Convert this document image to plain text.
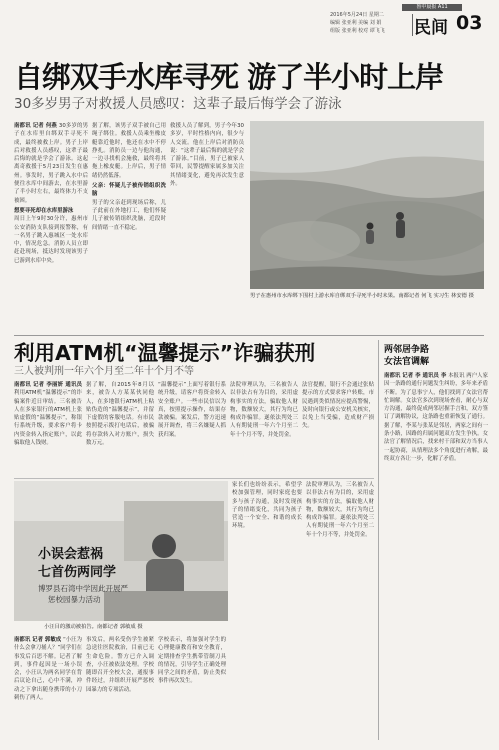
鲁中晨报 A11
2016年5月24日 星期二
编辑 张亚利 美编 刘 娟
组版 张亚利 校对 谭飞飞	民间 03
自绑双手水库寻死 游了半小时上岸
30多岁男子对救援人员感叹：这辈子最后悔学会了游泳
南都讯 记者 何燕 30多岁的男子在水库里自绑双手寻死不成，最终被救上岸。男子上岸后对救援人员感叹，这辈子最后悔的就是学会了游泳。这起离奇救援于5月23日发生在惠州。事发时，男子跳入水中后便往水库中间游去，在水里游了半小时左右，最终体力不支被困。
想要寻死却在水库里游泳
周日上午9时30分许，惠州市公安消防支队接到报警称，有一名男子跳入惠城区一处水库中，情况危急。消防人员立即赶赴现场，抵达时发现该男子已游到水库中央。
据了解，该男子双手被自己用绳子绑住。救援人员乘坐橡皮艇靠近他时，他还在水中不停挣扎。消防员一边与他沟通，一边寻找机会施救，最终将其拖上橡皮艇。上岸后，男子情绪仍然低落。
父亲：怀疑儿子被传销组织洗脑
男子的父亲赶到现场后称，儿子此前在外地打工，他们怀疑儿子被传销组织洗脑，近段时间情绪一直不稳定。
救援人员了解到，男子今年30多岁，平时性格内向，很少与人交流。他在上岸后对消防员说：“这辈子最后悔的就是学会了游泳。”目前，男子已被家人带回，民警提醒家属多加关注其情绪变化，避免再次发生意外。
男子在惠州市水库绑下围村上游水库自绑双手寻死半小时未果。南都记者 何飞 实习生 林安德 摄
两邻居争路
女法官调解
南都讯 记者 李 通讯员 李 本报讯 两户人家因一条路的通行问题发生纠纷，多年来矛盾不断。为了息事宁人，他们找到了女法官帮忙调解。女法官多次到现场查看，耐心与双方沟通，最终促成两邻居握手言和，双方签订了调解协议，这条路也重新恢复了通行。据了解，李某与张某是邻居，两家之间有一条小路，因路的归属问题双方发生争执。女法官了解情况后，找来村干部和双方当事人一起协商，从情理法多个角度进行劝解，最终双方各让一步，化解了矛盾。
利用ATM机“温馨提示”诈骗获刑
三人被判刑一年六个月至二年十个月不等
南都讯 记者 李丽妍 通讯员 利用ATM机“温馨提示”的诈骗案件近日审结。三名被告人在多家银行的ATM机上张贴虚假的“温馨提示”，称银行系统升级，要求客户将卡内资金转入指定账户，以此骗取他人钱财。
据了解，自2015年8月以来，被告人方某某伙同他人，在多地银行ATM机上粘贴伪造的“温馨提示”，并留下虚假的客服电话。有市民按照提示拨打电话后，被骗将存款转入对方账户，损失数万元。
“温馨提示”上面写着银行系统升级，请客户将资金转入安全账户。一些市民信以为真，按照提示操作，结果存款被骗。案发后，警方迅速展开调查，将三名嫌疑人抓获归案。
法院审理认为，三名被告人以非法占有为目的，采用虚构事实的方法，骗取他人财物，数额较大，其行为均已构成诈骗罪。遂依法判处三人有期徒刑一年六个月至二年十个月不等，并处罚金。
法官提醒，银行不会通过张贴提示的方式要求客户转账，市民遇到类似情况应提高警惕，及时向银行或公安机关核实，以免上当受骗，造成财产损失。
小误会惹祸
七首伤两同学
博罗县石湾中学因此开展严
惩校园暴力活动
小汪目的激动被拍告。南都记者 郭敏成 摄
南都讯 记者 郭敏成 “小汪为什么会拿刀捅人？”同学们在事发后百思不解。记者了解到，事件起因是一场小误会，小汪认为两名同学在背后议论自己，心中不满，冲动之下拿出随身携带的小刀刺伤了两人。
事发后，两名受伤学生被紧急送往医院救治，目前已无生命危险。警方已介入调查，小汪被依法处理。学校随即召开全校大会，通报事件经过，并组织开展严惩校园暴力的专项活动。
学校表示，将加强对学生的心理健康教育和安全教育，定期排查学生携带管制刀具的情况，引导学生正确处理同学之间的矛盾，防止类似事件再次发生。
家长们也纷纷表示，希望学校加强管理，同时家庭也要多与孩子沟通，及时发现孩子的情绪变化，共同为孩子营造一个安全、和谐的成长环境。
法院审理认为，三名被告人以非法占有为目的，采用虚构事实的方法，骗取他人财物，数额较大，其行为均已构成诈骗罪。遂依法判处三人有期徒刑一年六个月至二年十个月不等，并处罚金。
